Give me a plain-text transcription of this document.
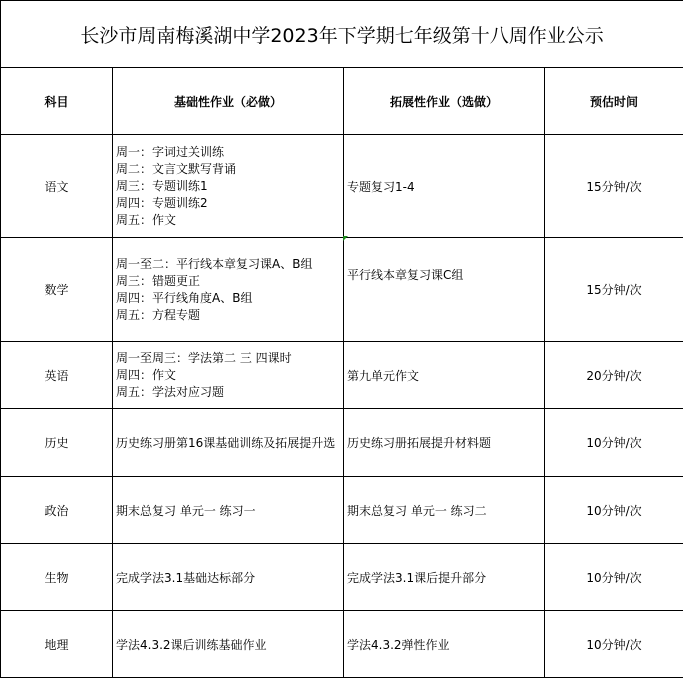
长沙市周南梅溪湖中学2023年下学期七年级第十八周作业公示			
科目	基础性作业（必做）	拓展性作业（选做）	预估时间
语文	周一：字词过关训练
周二：文言文默写背诵
周三：专题训练1
周四：专题训练2
周五：作文	专题复习1-4	15分钟/次
数学	周一至二：平行线本章复习课A、B组
周三：错题更正
周四：平行线角度A、B组
周五：方程专题	平行线本章复习课C组	15分钟/次
英语	周一至周三：学法第二 三 四课时
周四：作文
周五：学法对应习题	第九单元作文	20分钟/次
历史	历史练习册第16课基础训练及拓展提升选	历史练习册拓展提升材料题	10分钟/次
政治	期末总复习 单元一 练习一	期末总复习 单元一 练习二	10分钟/次
生物	完成学法3.1基础达标部分	完成学法3.1课后提升部分	10分钟/次
地理	学法4.3.2课后训练基础作业	学法4.3.2弹性作业	10分钟/次
